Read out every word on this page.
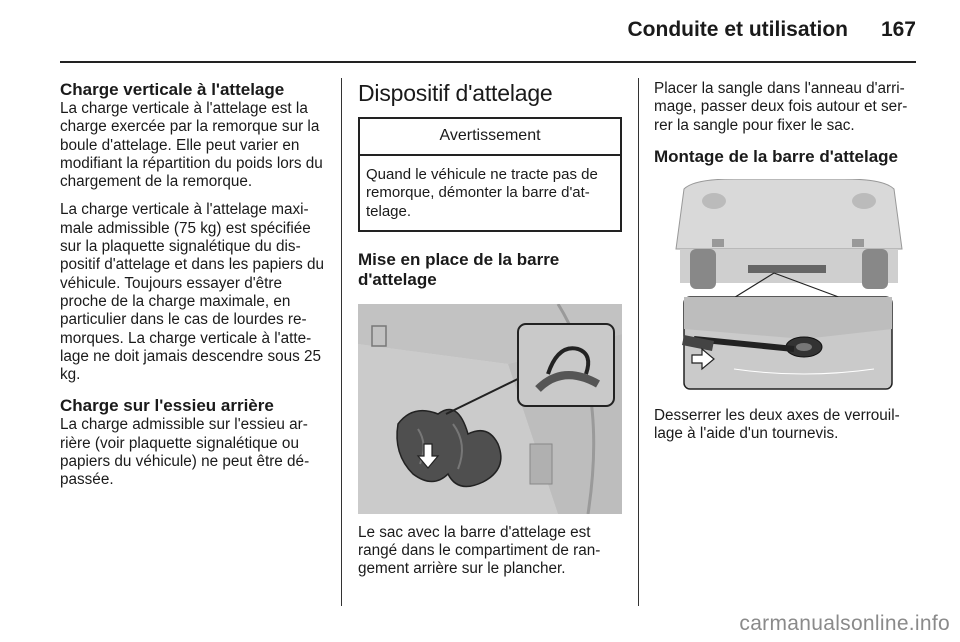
Conduite et utilisation 167
Charge verticale à l'attelage

La charge verticale à l'attelage est la charge exercée par la remorque sur la boule d'attelage. Elle peut varier en modifiant la répartition du poids lors du chargement de la remorque.

La charge verticale à l'attelage maxi-male admissible (75 kg) est spécifiée sur la plaquette signalétique du dis-positif d'attelage et dans les papiers du véhicule. Toujours essayer d'être proche de la charge maximale, en particulier dans le cas de lourdes re-morques. La charge verticale à l'atte-lage ne doit jamais descendre sous 25 kg.

Charge sur l'essieu arrière

La charge admissible sur l'essieu ar-rière (voir plaquette signalétique ou papiers du véhicule) ne peut être dé-passée.

Dispositif d'attelage
Avertissement
Quand le véhicule ne tracte pas de remorque, démonter la barre d'at-telage.
Mise en place de la barre d'attelage

Le sac avec la barre d'attelage est rangé dans le compartiment de ran-gement arrière sur le plancher.

Placer la sangle dans l'anneau d'arri-mage, passer deux fois autour et ser-rer la sangle pour fixer le sac.

Montage de la barre d'attelage

Desserrer les deux axes de verrouil-lage à l'aide d'un tournevis.

carmanualsonline.info
